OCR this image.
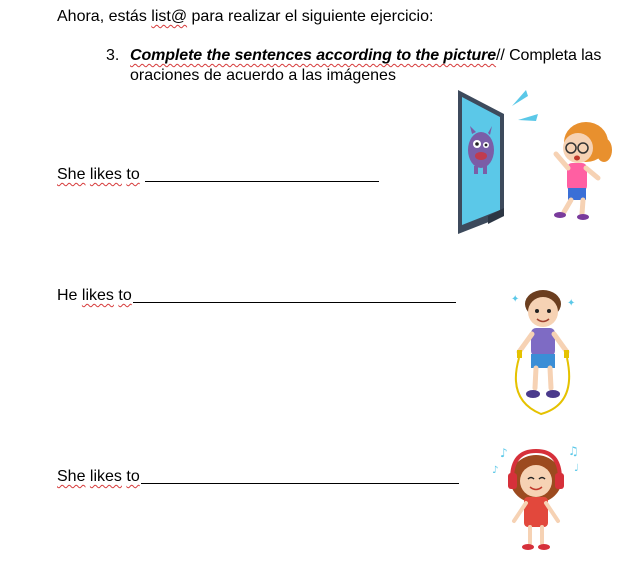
Ahora, estás list@ para realizar el siguiente ejercicio:
3. Complete the sentences according to the picture// Completa las
oraciones de acuerdo a las imágenes
She likes to
He likes to
She likes to
✦	✦
♪	♫
♪	♩
